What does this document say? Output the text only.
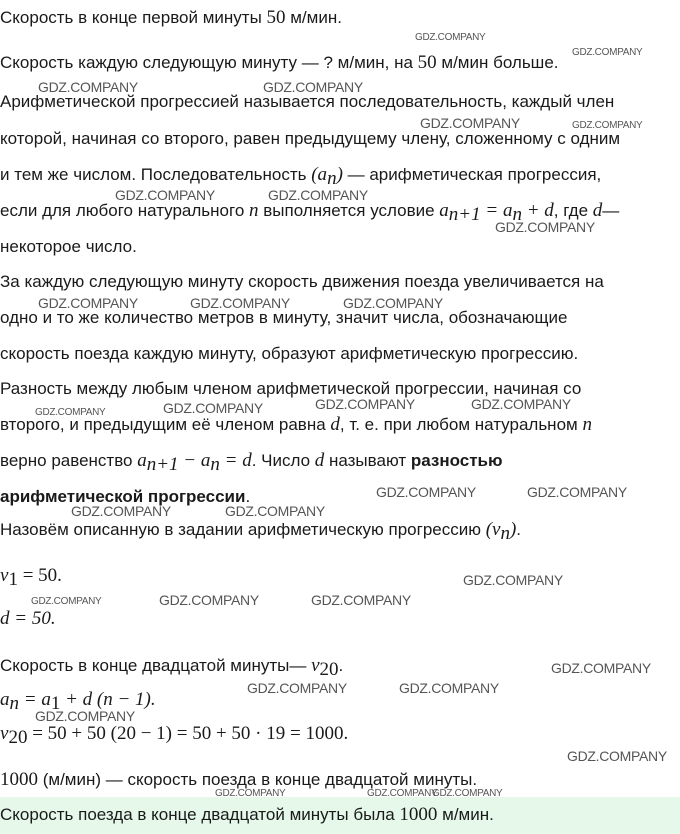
Скорость в конце первой минуты 50 м/мин.
Скорость каждую следующую минуту — ? м/мин, на 50 м/мин больше.
Арифметической прогрессией называется последовательность, каждый член
которой, начиная со второго, равен предыдущему члену, сложенному с одним
и тем же числом. Последовательность $(a_n)$ — арифметическая прогрессия,
если для любого натурального n выполняется условие $a_{n+1} = a_n + d$, где d—
некоторое число.
За каждую следующую минуту скорость движения поезда увеличивается на
одно и то же количество метров в минуту, значит числа, обозначающие
скорость поезда каждую минуту, образуют арифметическую прогрессию.
Разность между любым членом арифметической прогрессии, начиная со
второго, и предыдущим её членом равна d, т. е. при любом натуральном n
верно равенство $a_{n+1} - a_n = d$. Число d называют разностью
арифметической прогрессии.
Назовём описанную в задании арифметическую прогрессию $(v_n)$.
$v_1 = 50$.
d = 50.
Скорость в конце двадцатой минуты— $v_{20}$.
$a_n = a_1 + d$ (n − 1).
$v_{20} = 50 + 50$ (20 − 1) = 50 + 50 · 19 = 1000.
1000 (м/мин) — скорость поезда в конце двадцатой минуты.
Скорость поезда в конце двадцатой минуты была 1000 м/мин.
GDZ.COMPANY
GDZ.COMPANY
GDZ.COMPANY	GDZ.COMPANY
GDZ.COMPANY	GDZ.COMPANY
GDZ.COMPANY	GDZ.COMPANY
GDZ.COMPANY
GDZ.COMPANY	GDZ.COMPANY	GDZ.COMPANY
GDZ.COMPANY	GDZ.COMPANY	GDZ.COMPANY	GDZ.COMPANY
GDZ.COMPANY	GDZ.COMPANY
GDZ.COMPANY	GDZ.COMPANY
GDZ.COMPANY
GDZ.COMPANY	GDZ.COMPANY	GDZ.COMPANY
GDZ.COMPANY
GDZ.COMPANY	GDZ.COMPANY
GDZ.COMPANY
GDZ.COMPANY
GDZ.COMPANY	GDZ.COMPANY
GDZ.COMPANY
